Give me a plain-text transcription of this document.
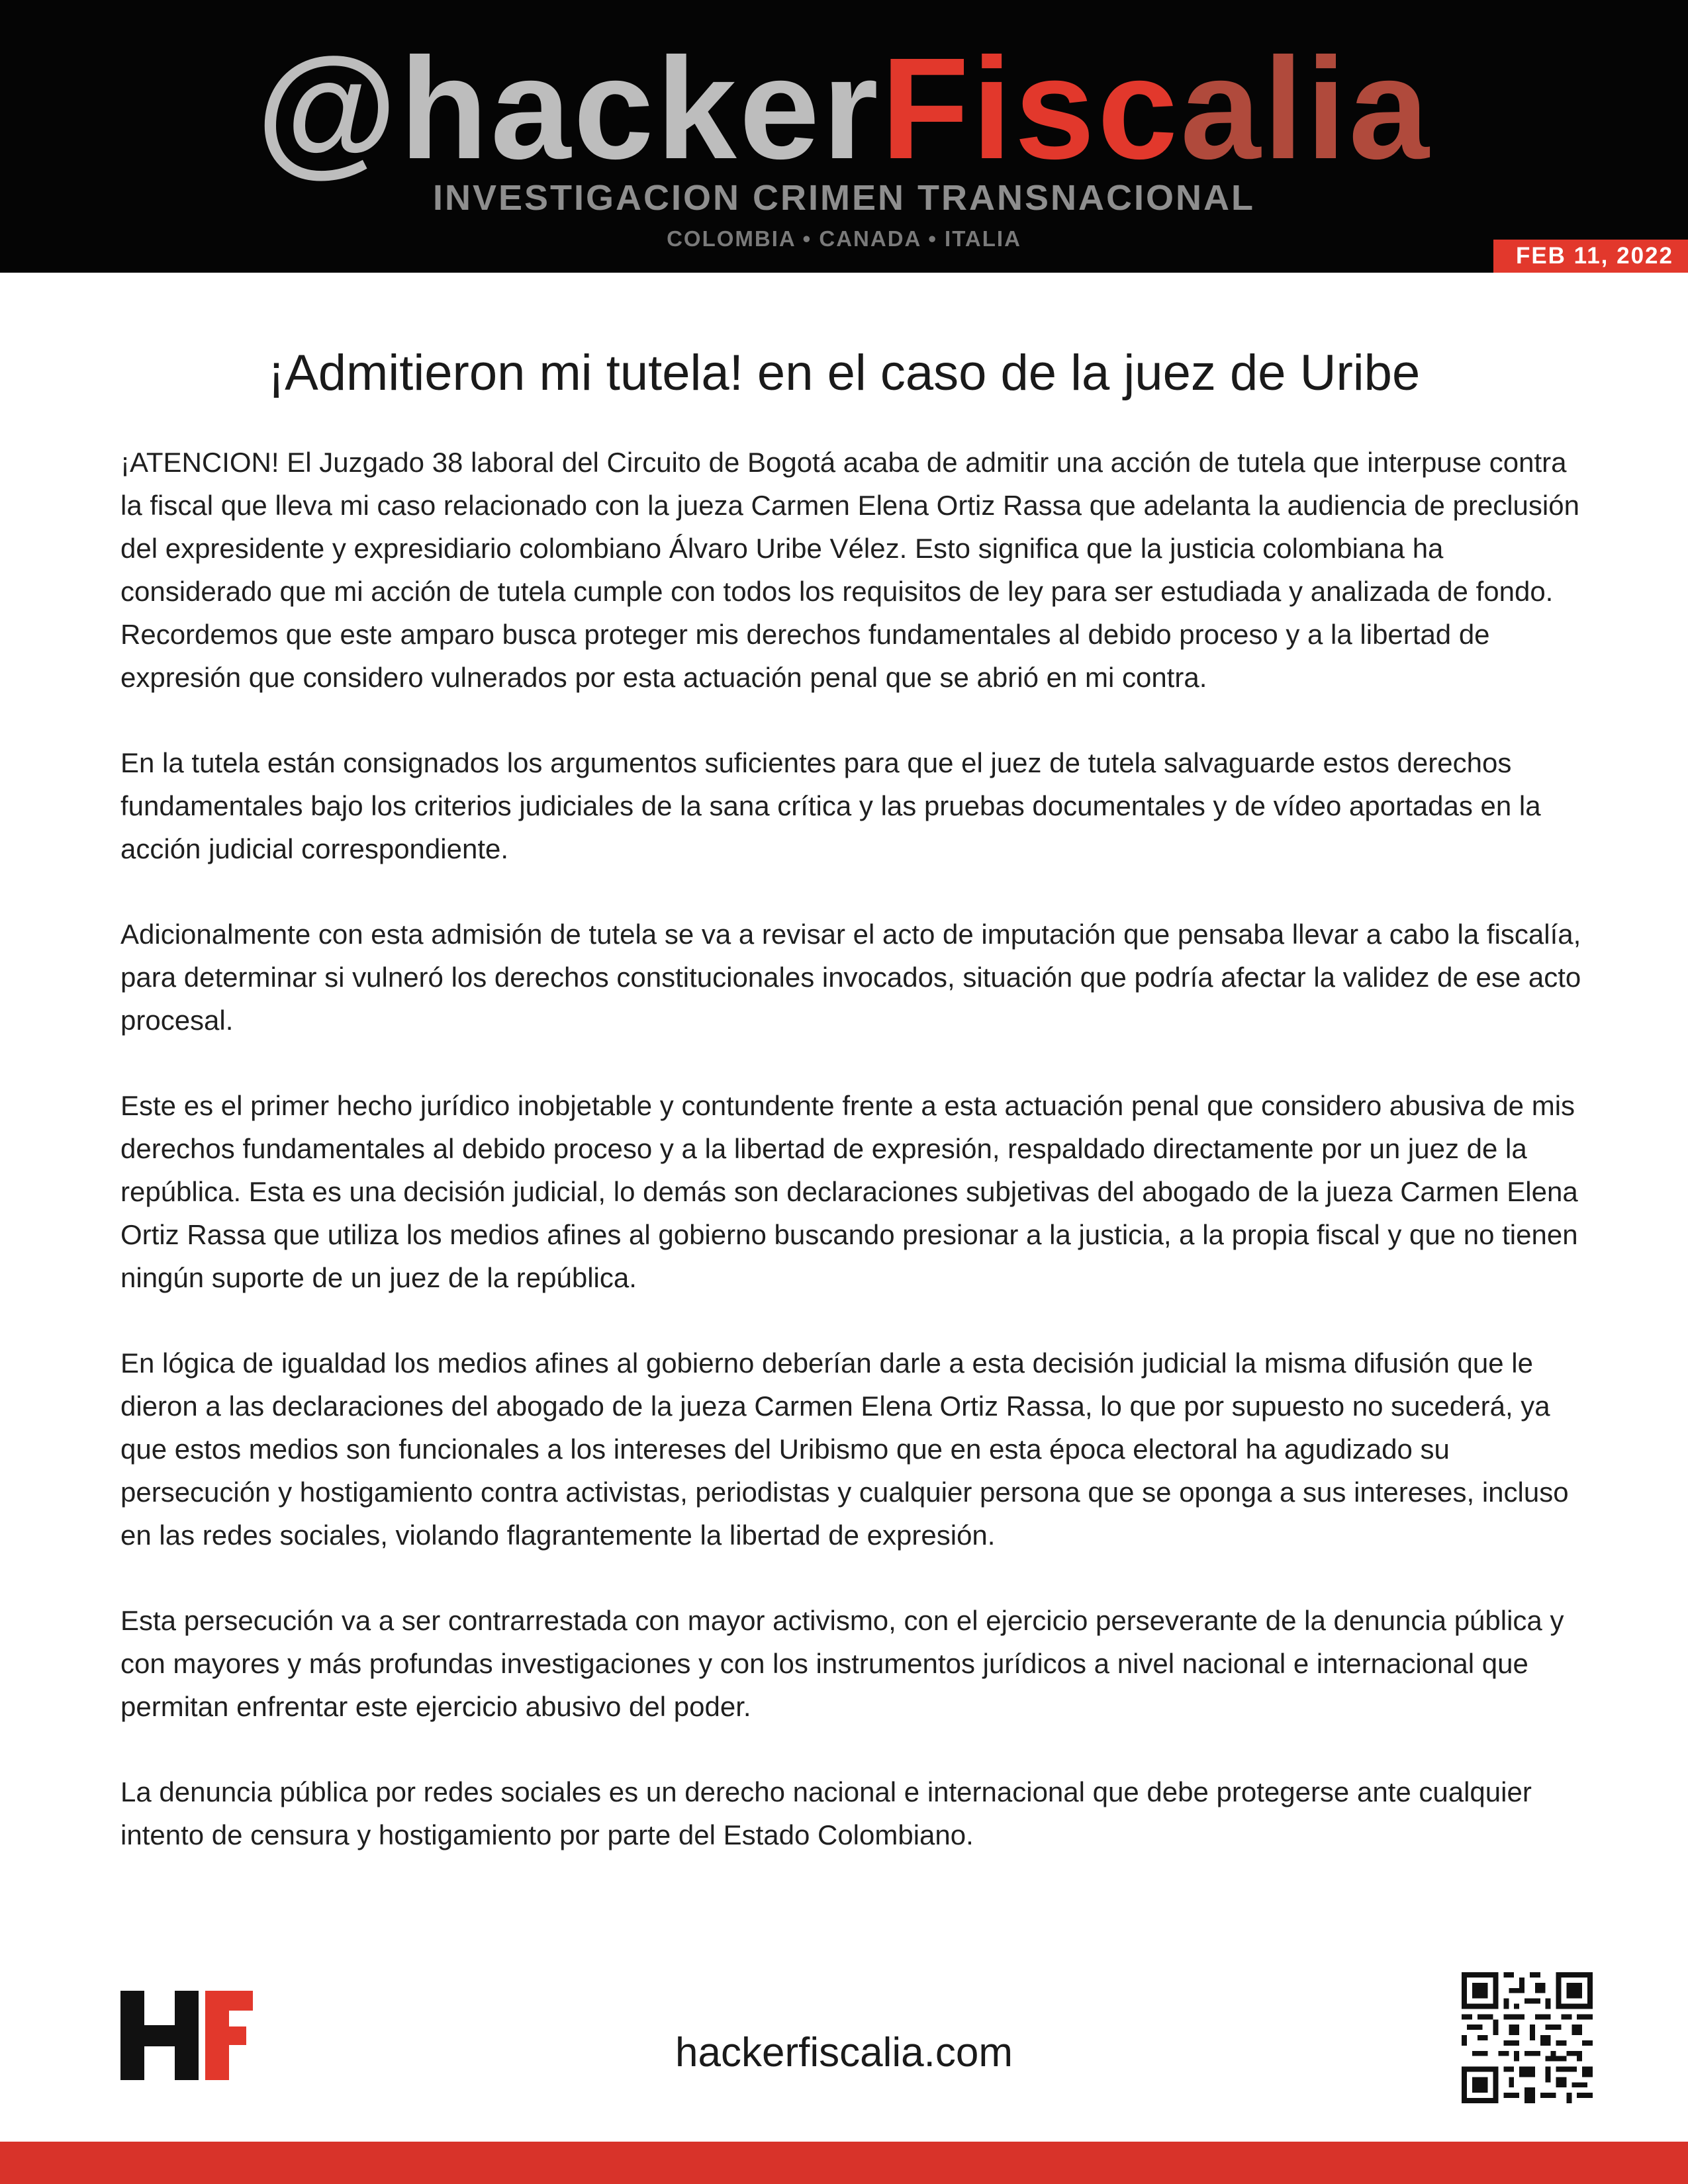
@hackerFiscalia
INVESTIGACION CRIMEN TRANSNACIONAL
COLOMBIA • CANADA • ITALIA
FEB 11, 2022
¡Admitieron mi tutela! en el caso de la juez de Uribe

¡ATENCION! El Juzgado 38 laboral del Circuito de Bogotá acaba de admitir una acción de tutela que interpuse contra la fiscal que lleva mi caso relacionado con la jueza Carmen Elena Ortiz Rassa que adelanta la audiencia de preclusión del expresidente y expresidiario colombiano Álvaro Uribe Vélez. Esto significa que la justicia colombiana ha considerado que mi acción de tutela cumple con todos los requisitos de ley para ser estudiada y analizada de fondo. Recordemos que este amparo busca proteger mis derechos fundamentales al debido proceso y a la libertad de expresión que considero vulnerados por esta actuación penal que se abrió en mi contra.

En la tutela están consignados los argumentos suficientes para que el juez de tutela salvaguarde estos derechos fundamentales bajo los criterios judiciales de la sana crítica y las pruebas documentales y de vídeo aportadas en la acción judicial correspondiente.

Adicionalmente con esta admisión de tutela se va a revisar el acto de imputación que pensaba llevar a cabo la fiscalía, para determinar si vulneró los derechos constitucionales invocados, situación que podría afectar la validez de ese acto procesal.

Este es el primer hecho jurídico inobjetable y contundente frente a esta actuación penal que considero abusiva de mis derechos fundamentales al debido proceso y a la libertad de expresión, respaldado directamente por un juez de la república. Esta es una decisión judicial, lo demás son declaraciones subjetivas del abogado de la jueza Carmen Elena Ortiz Rassa que utiliza los medios afines al gobierno buscando presionar a la justicia, a la propia fiscal y que no tienen ningún suporte de un juez de la república.

En lógica de igualdad los medios afines al gobierno deberían darle a esta decisión judicial la misma difusión que le dieron a las declaraciones del abogado de la jueza Carmen Elena Ortiz Rassa, lo que por supuesto no sucederá, ya que estos medios son funcionales a los intereses del Uribismo que en esta época electoral ha agudizado su persecución y hostigamiento contra activistas, periodistas y cualquier persona que se oponga a sus intereses, incluso en las redes sociales, violando flagrantemente la libertad de expresión.

Esta persecución va a ser contrarrestada con mayor activismo, con el ejercicio perseverante de la denuncia pública y con mayores y más profundas investigaciones y con los instrumentos jurídicos a nivel nacional e internacional que permitan enfrentar este ejercicio abusivo del poder.

La denuncia pública por redes sociales es un derecho nacional e internacional que debe protegerse ante cualquier intento de censura y hostigamiento por parte del Estado Colombiano.

hackerfiscalia.com
